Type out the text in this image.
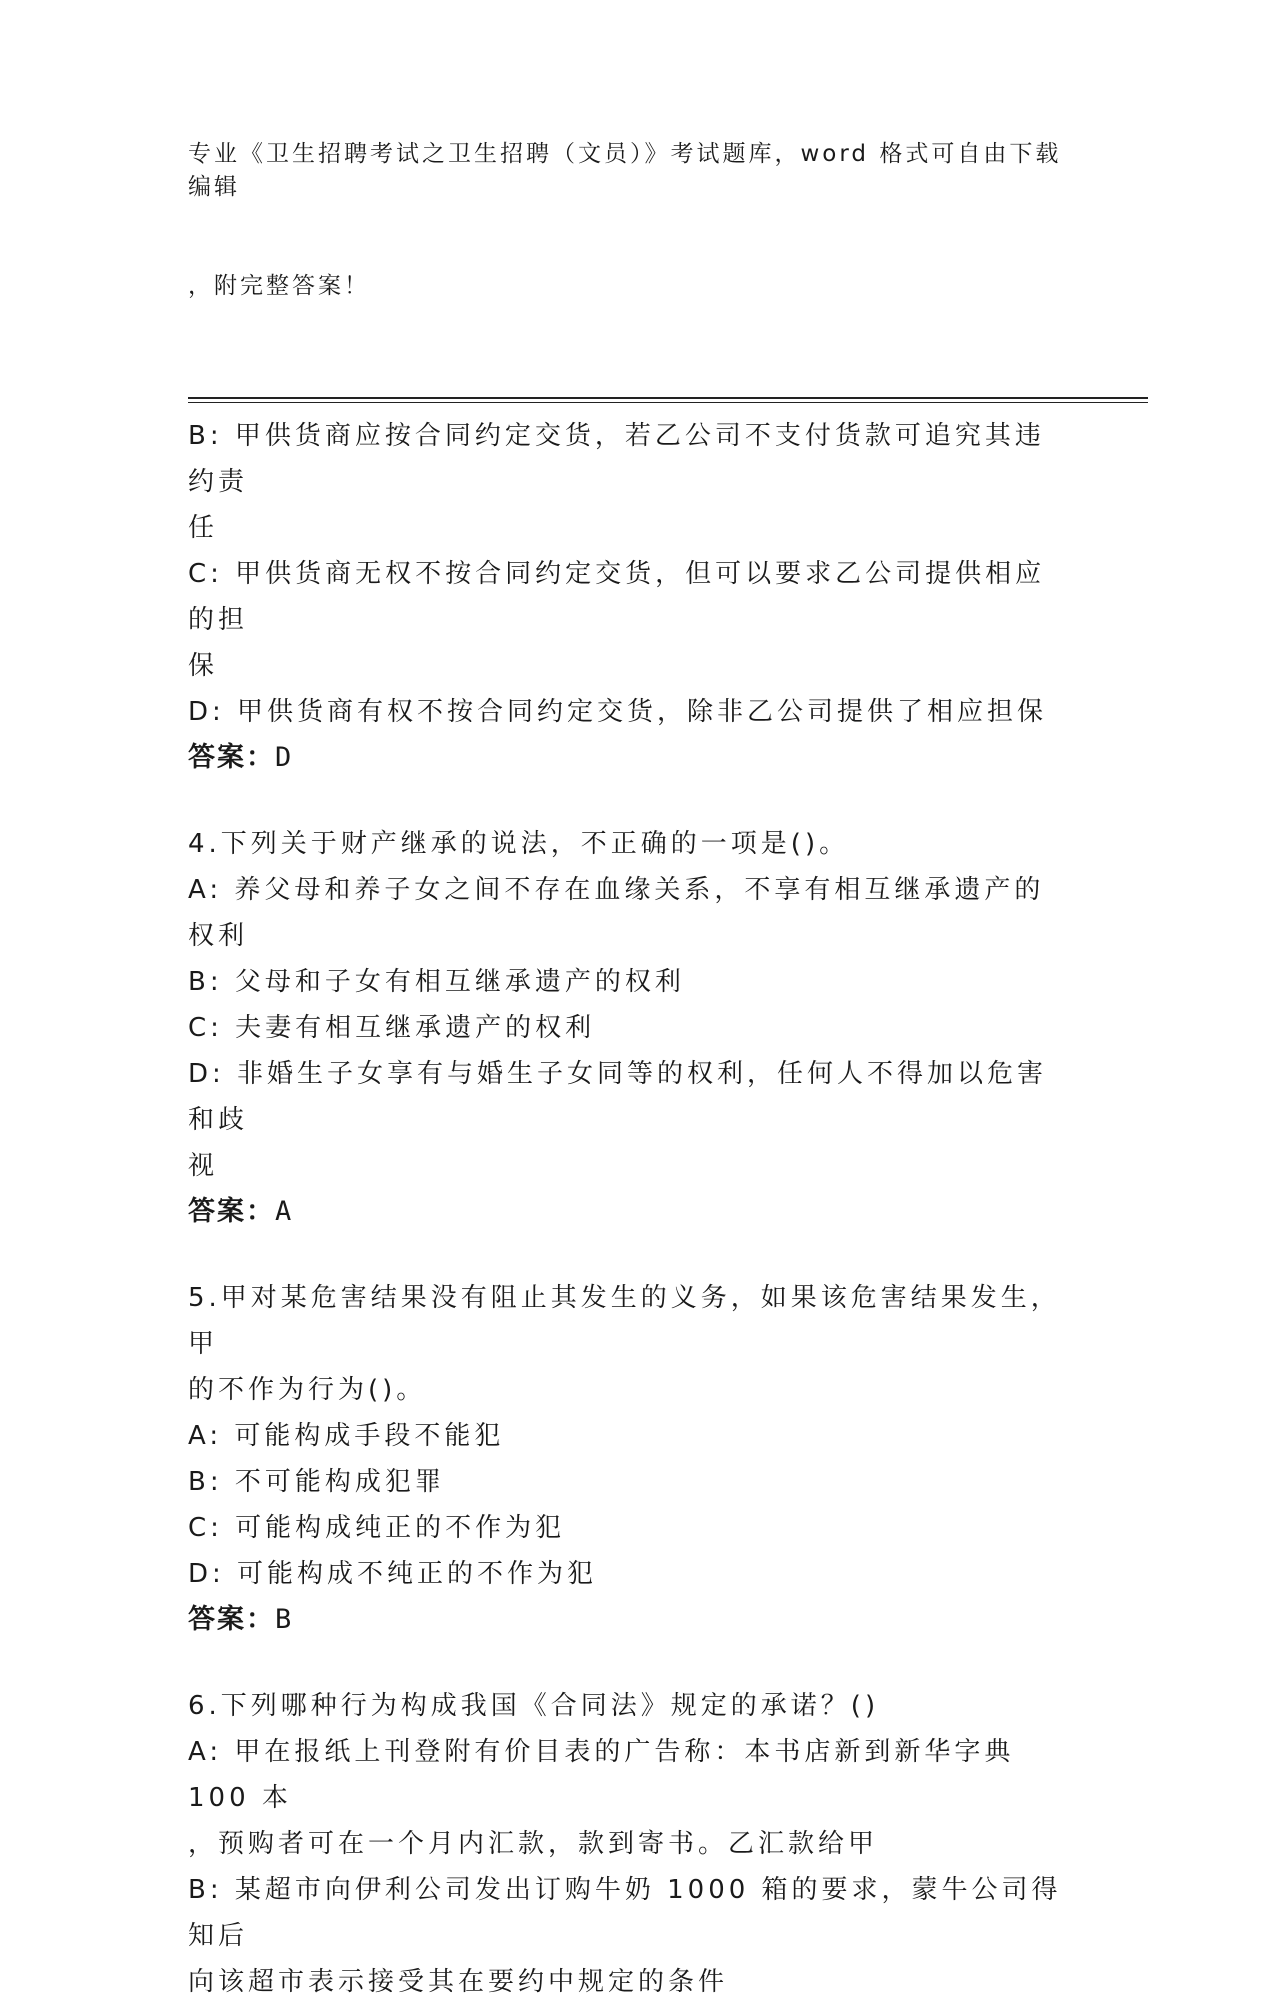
专业《卫生招聘考试之卫生招聘（文员）》考试题库，word 格式可自由下载编辑

，附完整答案！

B: 甲供货商应按合同约定交货，若乙公司不支付货款可追究其违约责
任
C: 甲供货商无权不按合同约定交货，但可以要求乙公司提供相应的担
保
D: 甲供货商有权不按合同约定交货，除非乙公司提供了相应担保
答案：D
4.下列关于财产继承的说法，不正确的一项是()。
A: 养父母和养子女之间不存在血缘关系，不享有相互继承遗产的权利
B: 父母和子女有相互继承遗产的权利
C: 夫妻有相互继承遗产的权利
D: 非婚生子女享有与婚生子女同等的权利，任何人不得加以危害和歧
视
答案：A
5.甲对某危害结果没有阻止其发生的义务，如果该危害结果发生，甲
的不作为行为()。
A: 可能构成手段不能犯
B: 不可能构成犯罪
C: 可能构成纯正的不作为犯
D: 可能构成不纯正的不作为犯
答案：B
6.下列哪种行为构成我国《合同法》规定的承诺？()
A: 甲在报纸上刊登附有价目表的广告称：本书店新到新华字典 100 本
，预购者可在一个月内汇款，款到寄书。乙汇款给甲
B: 某超市向伊利公司发出订购牛奶 1000 箱的要求，蒙牛公司得知后
向该超市表示接受其在要约中规定的条件
